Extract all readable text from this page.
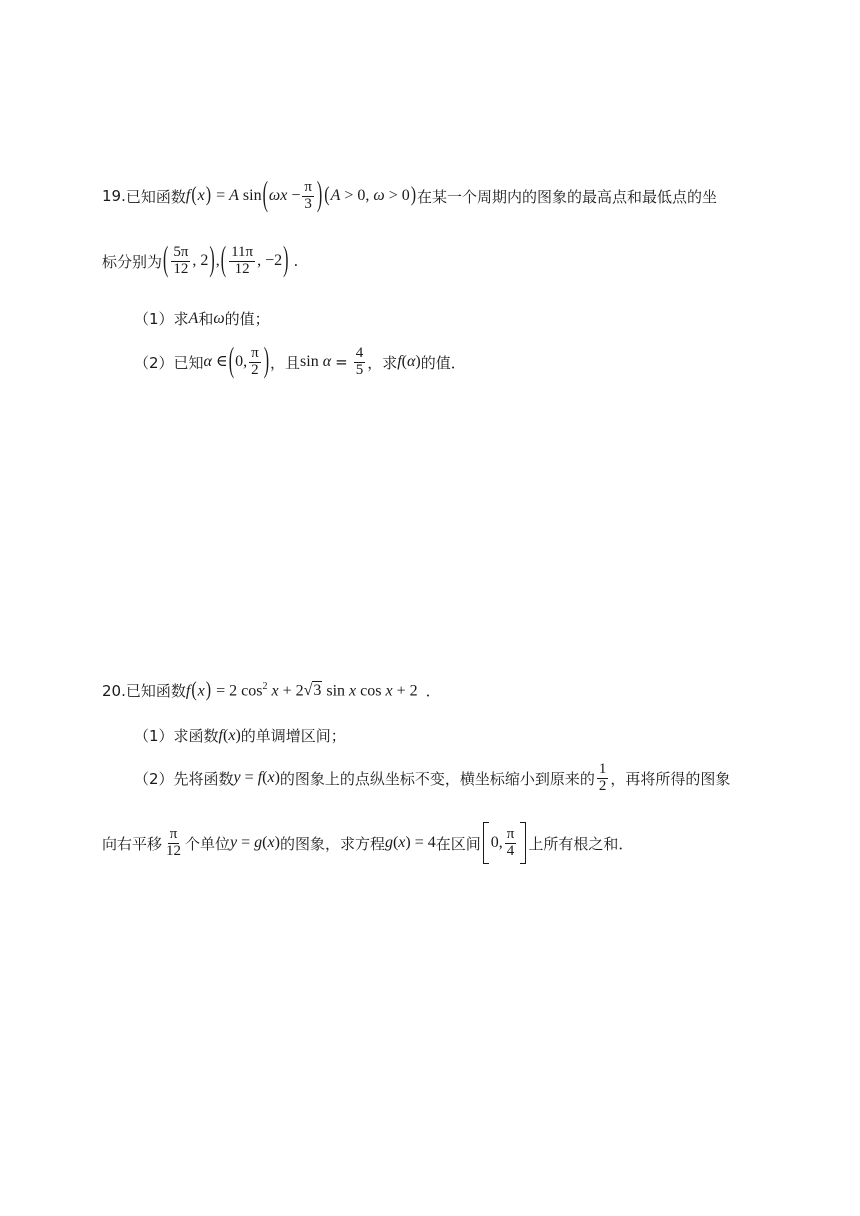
19. 已知函数 f(x) = A $\sin(\omega x - \frac{\pi}{3}$ ) (A > 0, ω > 0) 在某一个周期内的图象的最高点和最低点的坐
标分别为 ( $\frac{5\pi}{12}$ , $2),( \frac{11\pi}{12}$ , −2) .
（1）求 A 和 ω 的值；
（2）已知 α ∈(0, $\frac{\pi}{2}$ ) ，且 $\sin \alpha = \frac{4}{5}$ ，求 f(α) 的值．
20. 已知函数 f(x) = 2 $\cos^2 x + 2$ √ 3 sin x cos x + 2 ．
（1）求函数 f(x) 的单调增区间；
（2）先将函数 y = f(x) 的图象上的点纵坐标不变，横坐标缩小到原来的 $\frac{1}{2}$ ，再将所得的图象
向右平移 $\frac{\pi}{12}$ 个单位 y = g(x) 的图象，求方程 g(x) = 4 在区间 0, $\frac{\pi}{4}$ 上所有根之和．
